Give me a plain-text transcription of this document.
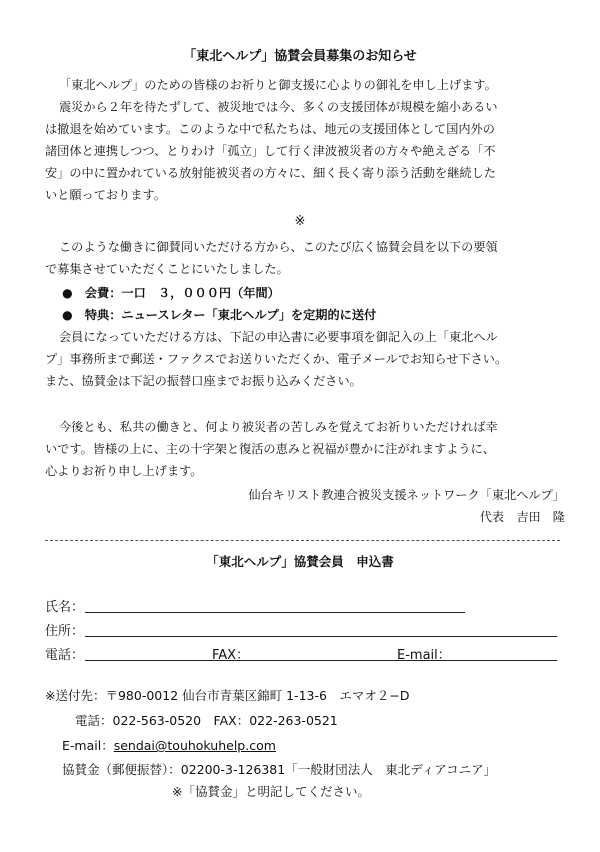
「東北ヘルプ」協賛会員募集のお知らせ
「東北ヘルプ」のための皆様のお祈りと御支援に心よりの御礼を申し上げます。
震災から２年を待たずして、被災地では今、多くの支援団体が規模を縮小あるい
は撤退を始めています。このような中で私たちは、地元の支援団体として国内外の
諸団体と連携しつつ、とりわけ「孤立」して行く津波被災者の方々や絶えざる「不
安」の中に置かれている放射能被災者の方々に、細く長く寄り添う活動を継続した
いと願っております。
※
このような働きに御賛同いただける方から、このたび広く協賛会員を以下の要領
で募集させていただくことにいたしました。
●　会費：一口　３，０００円（年間）
●　特典：ニュースレター「東北ヘルプ」を定期的に送付
会員になっていただける方は、下記の申込書に必要事項を御記入の上「東北ヘル
プ」事務所まで郵送・ファクスでお送りいただくか、電子メールでお知らせ下さい。
また、協賛金は下記の振替口座までお振り込みください。
今後とも、私共の働きと、何より被災者の苦しみを覚えてお祈りいただければ幸
いです。皆様の上に、主の十字架と復活の恵みと祝福が豊かに注がれますように、
心よりお祈り申し上げます。
仙台キリスト教連合被災支援ネットワーク「東北ヘルプ」
代表　吉田　隆
「東北ヘルプ」協賛会員　申込書
氏名：
住所：
電話：	FAX：	E-mail：
※送付先：〒980-0012 仙台市青葉区錦町 1-13-6　エマオ２−D
電話：022-563-0520　FAX：022-263-0521
E-mail：sendai@touhokuhelp.com
協賛金（郵便振替）：02200-3-126381「一般財団法人　東北ディアコニア」
※「協賛金」と明記してください。
